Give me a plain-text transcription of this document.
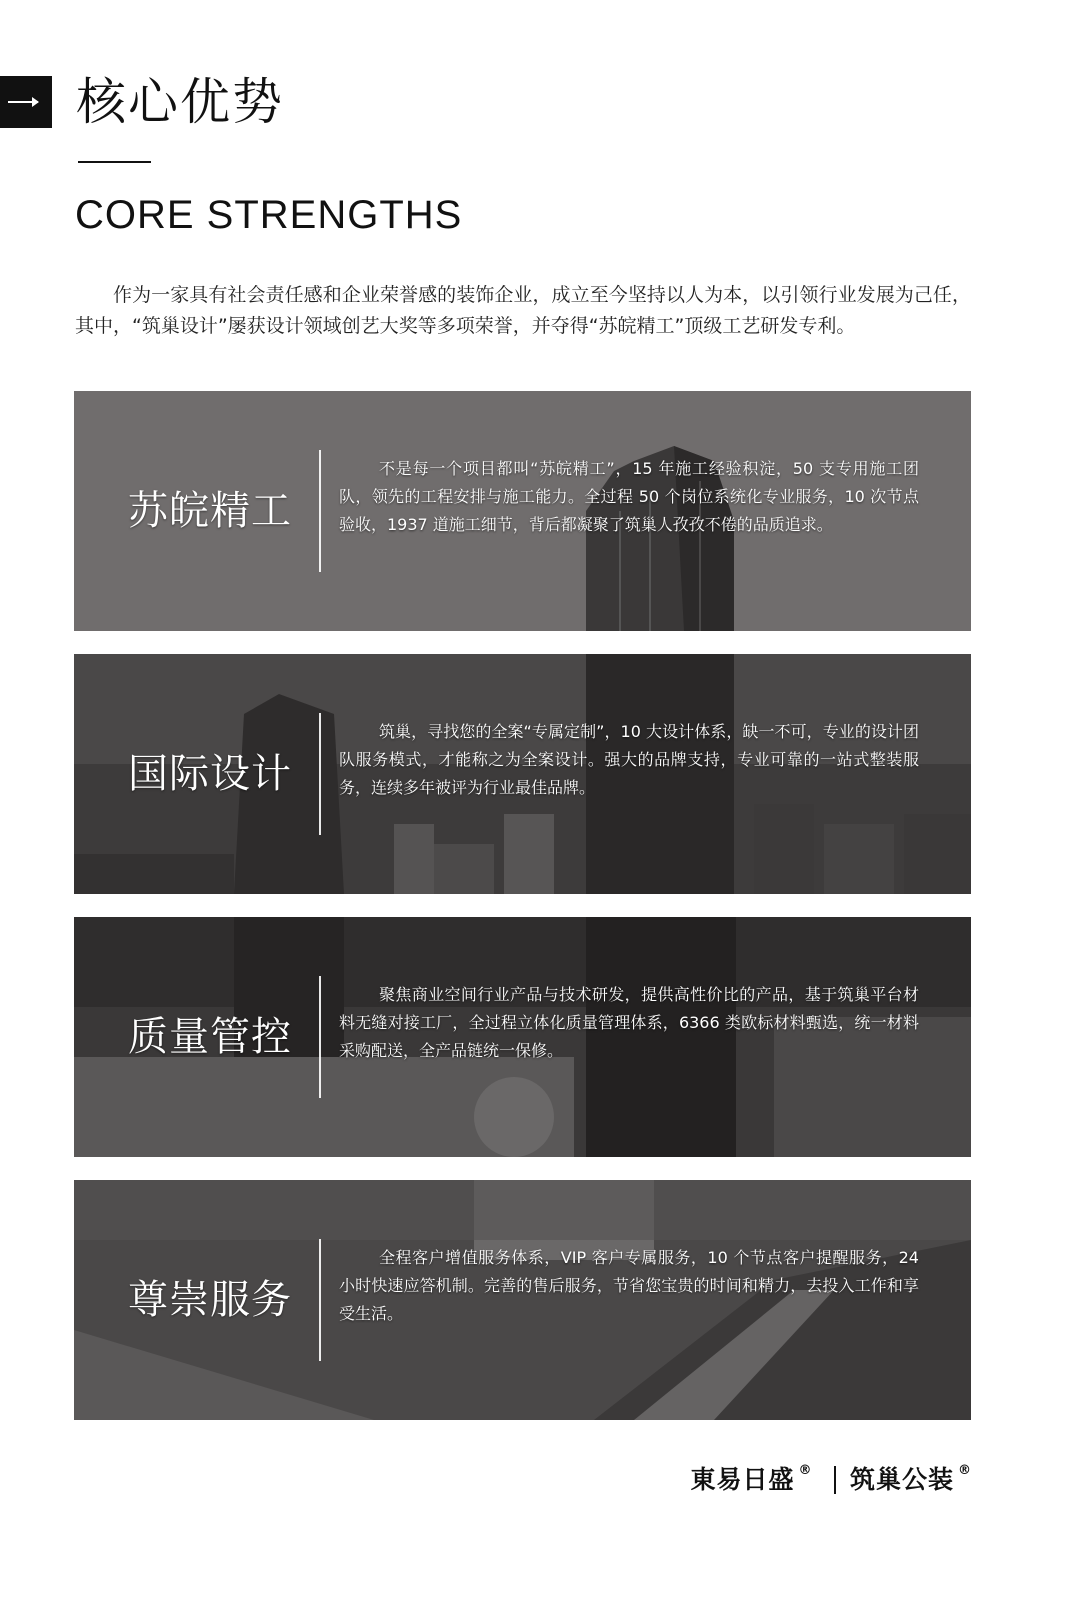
核心优势
CORE STRENGTHS
作为一家具有社会责任感和企业荣誉感的装饰企业，成立至今坚持以人为本，以引领行业发展为己任，其中，“筑巢设计”屡获设计领域创艺大奖等多项荣誉，并夺得“苏皖精工”顶级工艺研发专利。
苏皖精工
不是每一个项目都叫“苏皖精工”，15 年施工经验积淀，50 支专用施工团队，领先的工程安排与施工能力。全过程 50 个岗位系统化专业服务，10 次节点验收，1937 道施工细节，背后都凝聚了筑巢人孜孜不倦的品质追求。
国际设计
筑巢，寻找您的全案“专属定制”，10 大设计体系，缺一不可，专业的设计团队服务模式，才能称之为全案设计。强大的品牌支持，专业可靠的一站式整装服务，连续多年被评为行业最佳品牌。
质量管控
聚焦商业空间行业产品与技术研发，提供高性价比的产品，基于筑巢平台材料无缝对接工厂，全过程立体化质量管理体系，6366 类欧标材料甄选，统一材料采购配送，全产品链统一保修。
尊崇服务
全程客户增值服务体系，VIP 客户专属服务，10 个节点客户提醒服务，24 小时快速应答机制。完善的售后服务，节省您宝贵的时间和精力，去投入工作和享受生活。
東易日盛 ® 筑巢公装 ®
